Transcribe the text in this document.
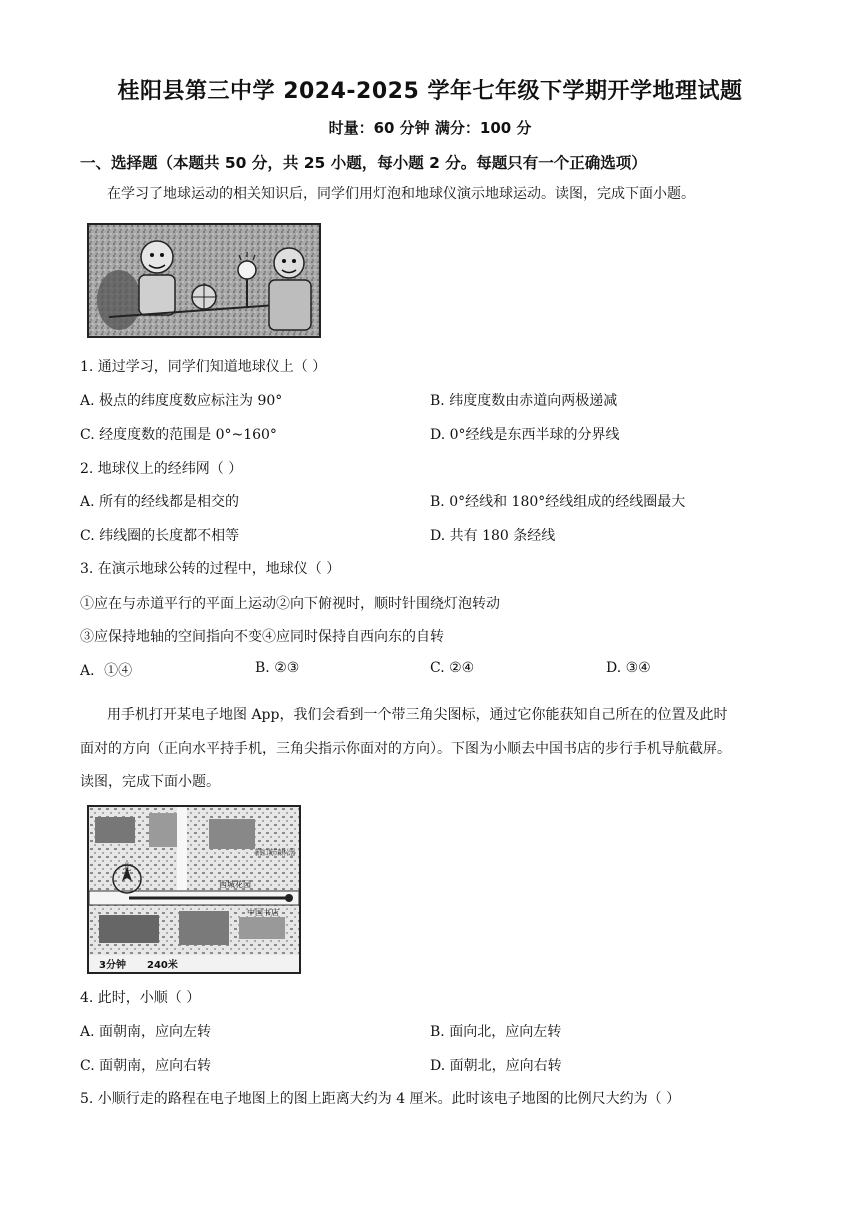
桂阳县第三中学 2024-2025 学年七年级下学期开学地理试题
时量：60 分钟 满分：100 分
一、选择题（本题共 50 分，共 25 小题，每小题 2 分。每题只有一个正确选项）
在学习了地球运动的相关知识后，同学们用灯泡和地球仪演示地球运动。读图，完成下面小题。
1. 通过学习，同学们知道地球仪上（ ）
A. 极点的纬度度数应标注为 90°	B. 纬度度数由赤道向两极递减
C. 经度度数的范围是 0°~160°	D. 0°经线是东西半球的分界线
2. 地球仪上的经纬网（ ）
A. 所有的经线都是相交的	B. 0°经线和 180°经线组成的经线圈最大
C. 纬线圈的长度都不相等	D. 共有 180 条经线
3. 在演示地球公转的过程中，地球仪（ ）
①应在与赤道平行的平面上运动②向下俯视时，顺时针围绕灯泡转动
③应保持地轴的空间指向不变④应同时保持自西向东的自转
A．①④	B. ②③	C. ②④	D. ③④
用手机打开某电子地图 App，我们会看到一个带三角尖图标，通过它你能获知自己所在的位置及此时
面对的方向（正向水平持手机，三角尖指示你面对的方向）。下图为小顺去中国书店的步行手机导航截屏。
读图，完成下面小题。
北
新街口城市森林公园
西城花园
中国书店
3分钟 240米
4. 此时，小顺（ ）
A. 面朝南，应向左转	B. 面向北，应向左转
C. 面朝南，应向右转	D. 面朝北，应向右转
5. 小顺行走的路程在电子地图上的图上距离大约为 4 厘米。此时该电子地图的比例尺大约为（ ）
